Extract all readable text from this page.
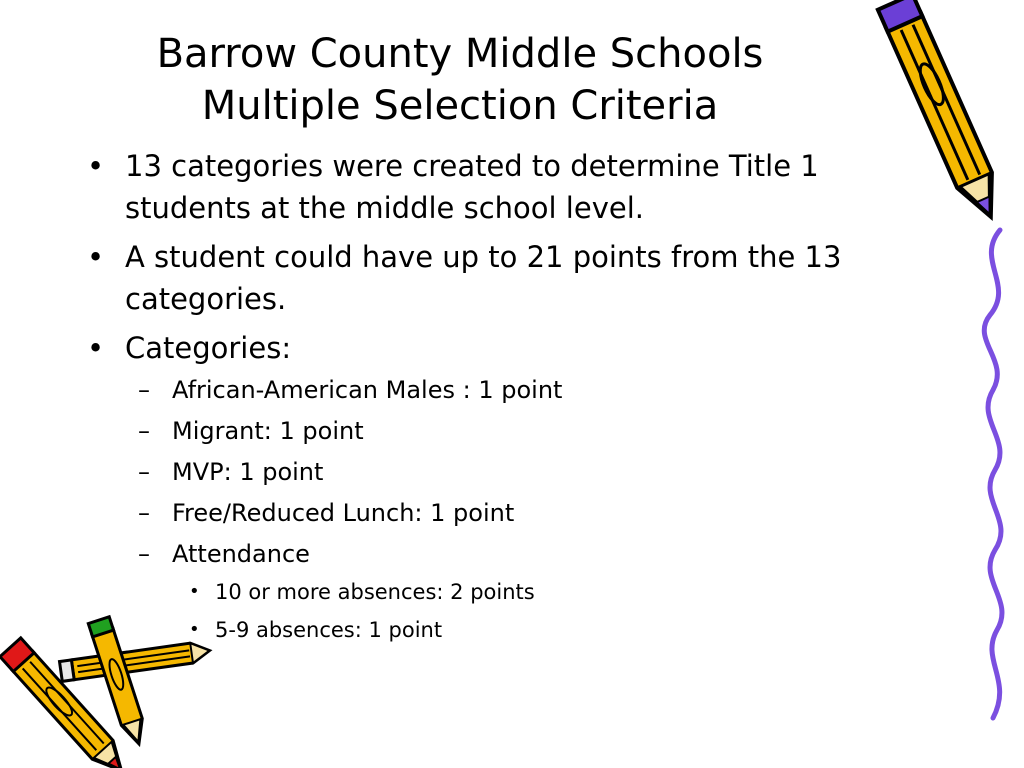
Barrow County Middle Schools
Multiple Selection Criteria
• 13 categories were created to determine Title 1
students at the middle school level.
• A student could have up to 21 points from the 13
categories.
• Categories:
– African-American Males : 1 point
– Migrant: 1 point
– MVP: 1 point
– Free/Reduced Lunch: 1 point
– Attendance
• 10 or more absences: 2 points
• 5-9 absences: 1 point
